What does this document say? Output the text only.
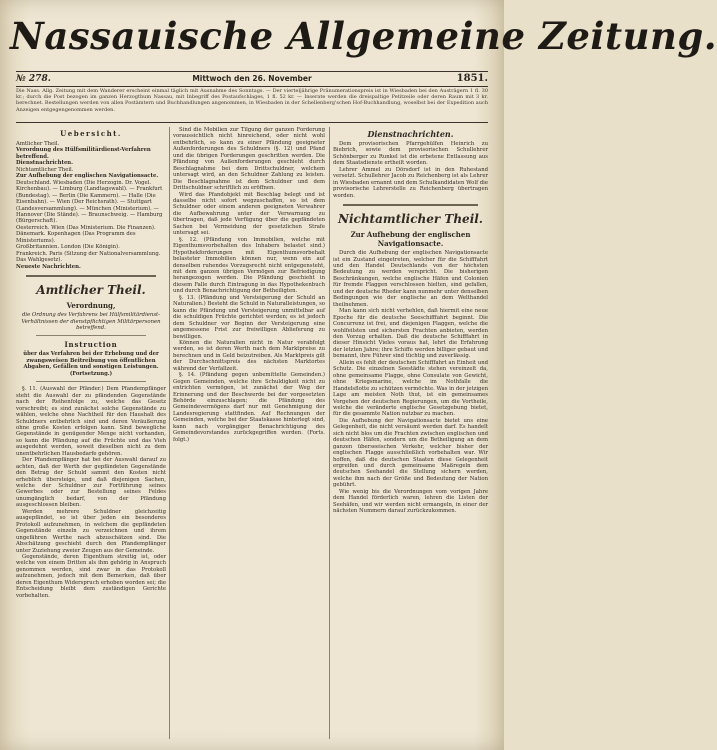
Nassauische Allgemeine Zeitung.
№ 278.	Mittwoch den 26. November	1851.
Die Nass. Allg. Zeitung mit dem Wanderer erscheint einmal täglich mit Ausnahme des Sonntags. — Der vierteljährige Pränumerationspreis ist in Wiesbaden bei den Austrägern 1 fl. 30 kr.; durch die Post bezogen im ganzen Herzogthum Nassau, mit Inbegriff des Postaufschlages, 1 fl. 52 kr. — Inserate werden die dreispaltige Petitzeile oder deren Raum mit 3 kr. berechnet. Bestellungen werden von allen Postämtern und Buchhandlungen angenommen, in Wiesbaden in der Schellenberg'schen Hof-Buchhandlung, woselbst bei der Expedition auch Anzeigen entgegengenommen werden.
Uebersicht.
Amtlicher Theil.
Verordnung des Hülfsmilitärdienst-Verfahren betreffend.
Dienstnachrichten.
Nichtamtlicher Theil.
Zur Aufhebung der englischen Navigationsacte.
Deutschland. Wiesbaden (Die Herzogin. Dr. Vogel. Kirchenbau). — Limburg (Landtagswahl). — Frankfurt (Bundestag). — Berlin (Die Kammern). — Halle (Die Eisenbahn). — Wien (Der Reichsrath). — Stuttgart (Landesversammlung). — München (Ministerium). — Hannover (Die Stände). — Braunschweig. — Hamburg (Bürgerschaft).
Oesterreich. Wien (Das Ministerium. Die Finanzen).
Dänemark. Kopenhagen (Das Programm des Ministeriums).
Großbritannien. London (Die Königin).
Frankreich. Paris (Sitzung der Nationalversammlung. Das Wahlgesetz).
Neueste Nachrichten.
Amtlicher Theil.
Verordnung,
die Ordnung des Verfahrens bei Hülfsmilitärdienst-Verhältnissen der dienstpflichtigen Militärpersonen betreffend.
Instruction
über das Verfahren bei der Erhebung und der zwangsweisen Beitreibung von öffentlichen Abgaben, Gefällen und sonstigen Leistungen. (Fortsetzung.)

§. 11. (Auswahl der Pfänder.) Dem Pfandempfänger steht die Auswahl der zu pfändenden Gegenstände nach der Reihenfolge zu, welche das Gesetz vorschreibt; es sind zunächst solche Gegenstände zu wählen, welche ohne Nachtheil für den Haushalt des Schuldners entbehrlich sind und deren Veräußerung ohne große Kosten erfolgen kann. Sind bewegliche Gegenstände in genügender Menge nicht vorhanden, so kann die Pfändung auf die Früchte und das Vieh ausgedehnt werden, soweit dieselben nicht zu dem unentbehrlichen Hausbedarfe gehören.

Der Pfandempfänger hat bei der Auswahl darauf zu achten, daß der Werth der gepfändeten Gegenstände den Betrag der Schuld sammt den Kosten nicht erheblich übersteige, und daß diejenigen Sachen, welche der Schuldner zur Fortführung seines Gewerbes oder zur Bestellung seines Feldes unumgänglich bedarf, von der Pfändung ausgeschlossen bleiben.

Werden mehrere Schuldner gleichzeitig ausgepfändet, so ist über jeden ein besonderes Protokoll aufzunehmen, in welchem die gepfändeten Gegenstände einzeln zu verzeichnen und ihrem ungefähren Werthe nach abzuschätzen sind. Die Abschätzung geschieht durch den Pfandempfänger unter Zuziehung zweier Zeugen aus der Gemeinde.

Gegenstände, deren Eigenthum streitig ist, oder welche von einem Dritten als ihm gehörig in Anspruch genommen werden, sind zwar in das Protokoll aufzunehmen, jedoch mit dem Bemerken, daß über deren Eigenthum Widerspruch erhoben worden sei; die Entscheidung bleibt dem zuständigen Gerichte vorbehalten.

Sind die Mobilien zur Tilgung der ganzen Forderung voraussichtlich nicht hinreichend, oder nicht wohl entbehrlich, so kann zu einer Pfändung geeigneter Außenforderungen des Schuldners (§. 12) und Pfand und die übrigen Forderungen geschritten werden. Die Pfändung von Außenforderungen geschieht durch Beschlagnahme bei dem Drittschuldner, welchem untersagt wird, an den Schuldner Zahlung zu leisten. Die Beschlagnahme ist dem Schuldner und dem Drittschuldner schriftlich zu eröffnen.

Wird das Pfandobjekt mit Beschlag belegt und ist dasselbe nicht sofort wegzuschaffen, so ist dem Schuldner oder einem anderen geeigneten Verwahrer die Aufbewahrung unter der Verwarnung zu übertragen, daß jede Verfügung über die gepfändeten Sachen bei Vermeidung der gesetzlichen Strafe untersagt sei.

§. 12. (Pfändung von Immobilien, welche mit Eigenthumsvorbehalten des Inhabers belastet sind.) Hypothekforderungen mit Eigenthumsvorbehalt belasteter Immobilien können nur, wenn ein auf denselben ruhendes Vorzugsrecht nicht entgegensteht, mit dem ganzen übrigen Vermögen zur Befriedigung herangezogen werden. Die Pfändung geschieht in diesem Falle durch Eintragung in das Hypothekenbuch und durch Benachrichtigung der Betheiligten.

§. 13. (Pfändung und Versteigerung der Schuld an Naturalien.) Besteht die Schuld in Naturalleistungen, so kann die Pfändung und Versteigerung unmittelbar auf die schuldigen Früchte gerichtet werden; es ist jedoch dem Schuldner vor Beginn der Versteigerung eine angemessene Frist zur freiwilligen Ablieferung zu bewilligen.

Können die Naturalien nicht in Natur verabfolgt werden, so ist deren Werth nach dem Marktpreise zu berechnen und in Geld beizutreiben. Als Marktpreis gilt der Durchschnittspreis des nächsten Marktortes während der Verfallzeit.

§. 14. (Pfändung gegen unbemittelte Gemeinden.) Gegen Gemeinden, welche ihre Schuldigkeit nicht zu entrichten vermögen, ist zunächst der Weg der Erinnerung und der Beschwerde bei der vorgesetzten Behörde einzuschlagen; die Pfändung des Gemeindevermögens darf nur mit Genehmigung der Landesregierung stattfinden. Auf Rechnungen der Gemeinden, welche bei der Staatskasse hinterlegt sind, kann nach vorgängiger Benachrichtigung des Gemeindevorstandes zurückgegriffen werden. (Forts. folgt.)

Dienstnachrichten.

Dem provisorischen Pfarrgehülfen Heinrich zu Biebrich, sowie dem provisorischen Schullehrer Schönberger zu Runkel ist die erbetene Entlassung aus dem Staatsdienste ertheilt worden.

Lehrer Ammel zu Dörsdorf ist in den Ruhestand versetzt. Schullehrer Jacob zu Reichenberg ist als Lehrer in Wiesbaden ernannt und dem Schulkandidaten Wolf die provisorische Lehrerstelle zu Reichenberg übertragen worden.

Nichtamtlicher Theil.
Zur Aufhebung der englischen Navigationsacte.

Durch die Aufhebung der englischen Navigationsacte ist ein Zustand eingetreten, welcher für die Schifffahrt und den Handel Deutschlands von der höchsten Bedeutung zu werden verspricht. Die bisherigen Beschränkungen, welche englische Häfen und Colonien für fremde Flaggen verschlossen hielten, sind gefallen, und der deutsche Rheder kann nunmehr unter denselben Bedingungen wie der englische an dem Welthandel theilnehmen.

Man kann sich nicht verhehlen, daß hiermit eine neue Epoche für die deutsche Seeschifffahrt beginnt. Die Concurrenz ist frei, und diejenigen Flaggen, welche die wohlfeilsten und sichersten Frachten anbieten, werden den Vorzug erhalten. Daß die deutsche Schifffahrt in dieser Hinsicht Vieles voraus hat, lehrt die Erfahrung der letzten Jahre; ihre Schiffe werden billiger gebaut und bemannt, ihre Führer sind tüchtig und zuverlässig.

Allein es fehlt der deutschen Schifffahrt an Einheit und Schutz. Die einzelnen Seestädte stehen vereinzelt da, ohne gemeinsame Flagge, ohne Consulate von Gewicht, ohne Kriegsmarine, welche im Nothfalle die Handelsflotte zu schützen vermöchte. Was in der jetzigen Lage am meisten Noth thut, ist ein gemeinsames Vorgehen der deutschen Regierungen, um die Vortheile, welche die veränderte englische Gesetzgebung bietet, für die gesammte Nation nutzbar zu machen.

Die Aufhebung der Navigationsacte bietet uns eine Gelegenheit, die nicht versäumt werden darf. Es handelt sich nicht blos um die Frachten zwischen englischen und deutschen Häfen, sondern um die Betheiligung an dem ganzen überseeischen Verkehr, welcher bisher der englischen Flagge ausschließlich vorbehalten war. Wir hoffen, daß die deutschen Staaten diese Gelegenheit ergreifen und durch gemeinsame Maßregeln dem deutschen Seehandel die Stellung sichern werden, welche ihm nach der Größe und Bedeutung der Nation gebührt.

Wie wenig bis die Verordnungen vom vorigen Jahre dem Handel förderlich waren, lehren die Listen der Seehäfen, und wir werden nicht ermangeln, in einer der nächsten Nummern darauf zurückzukommen.
